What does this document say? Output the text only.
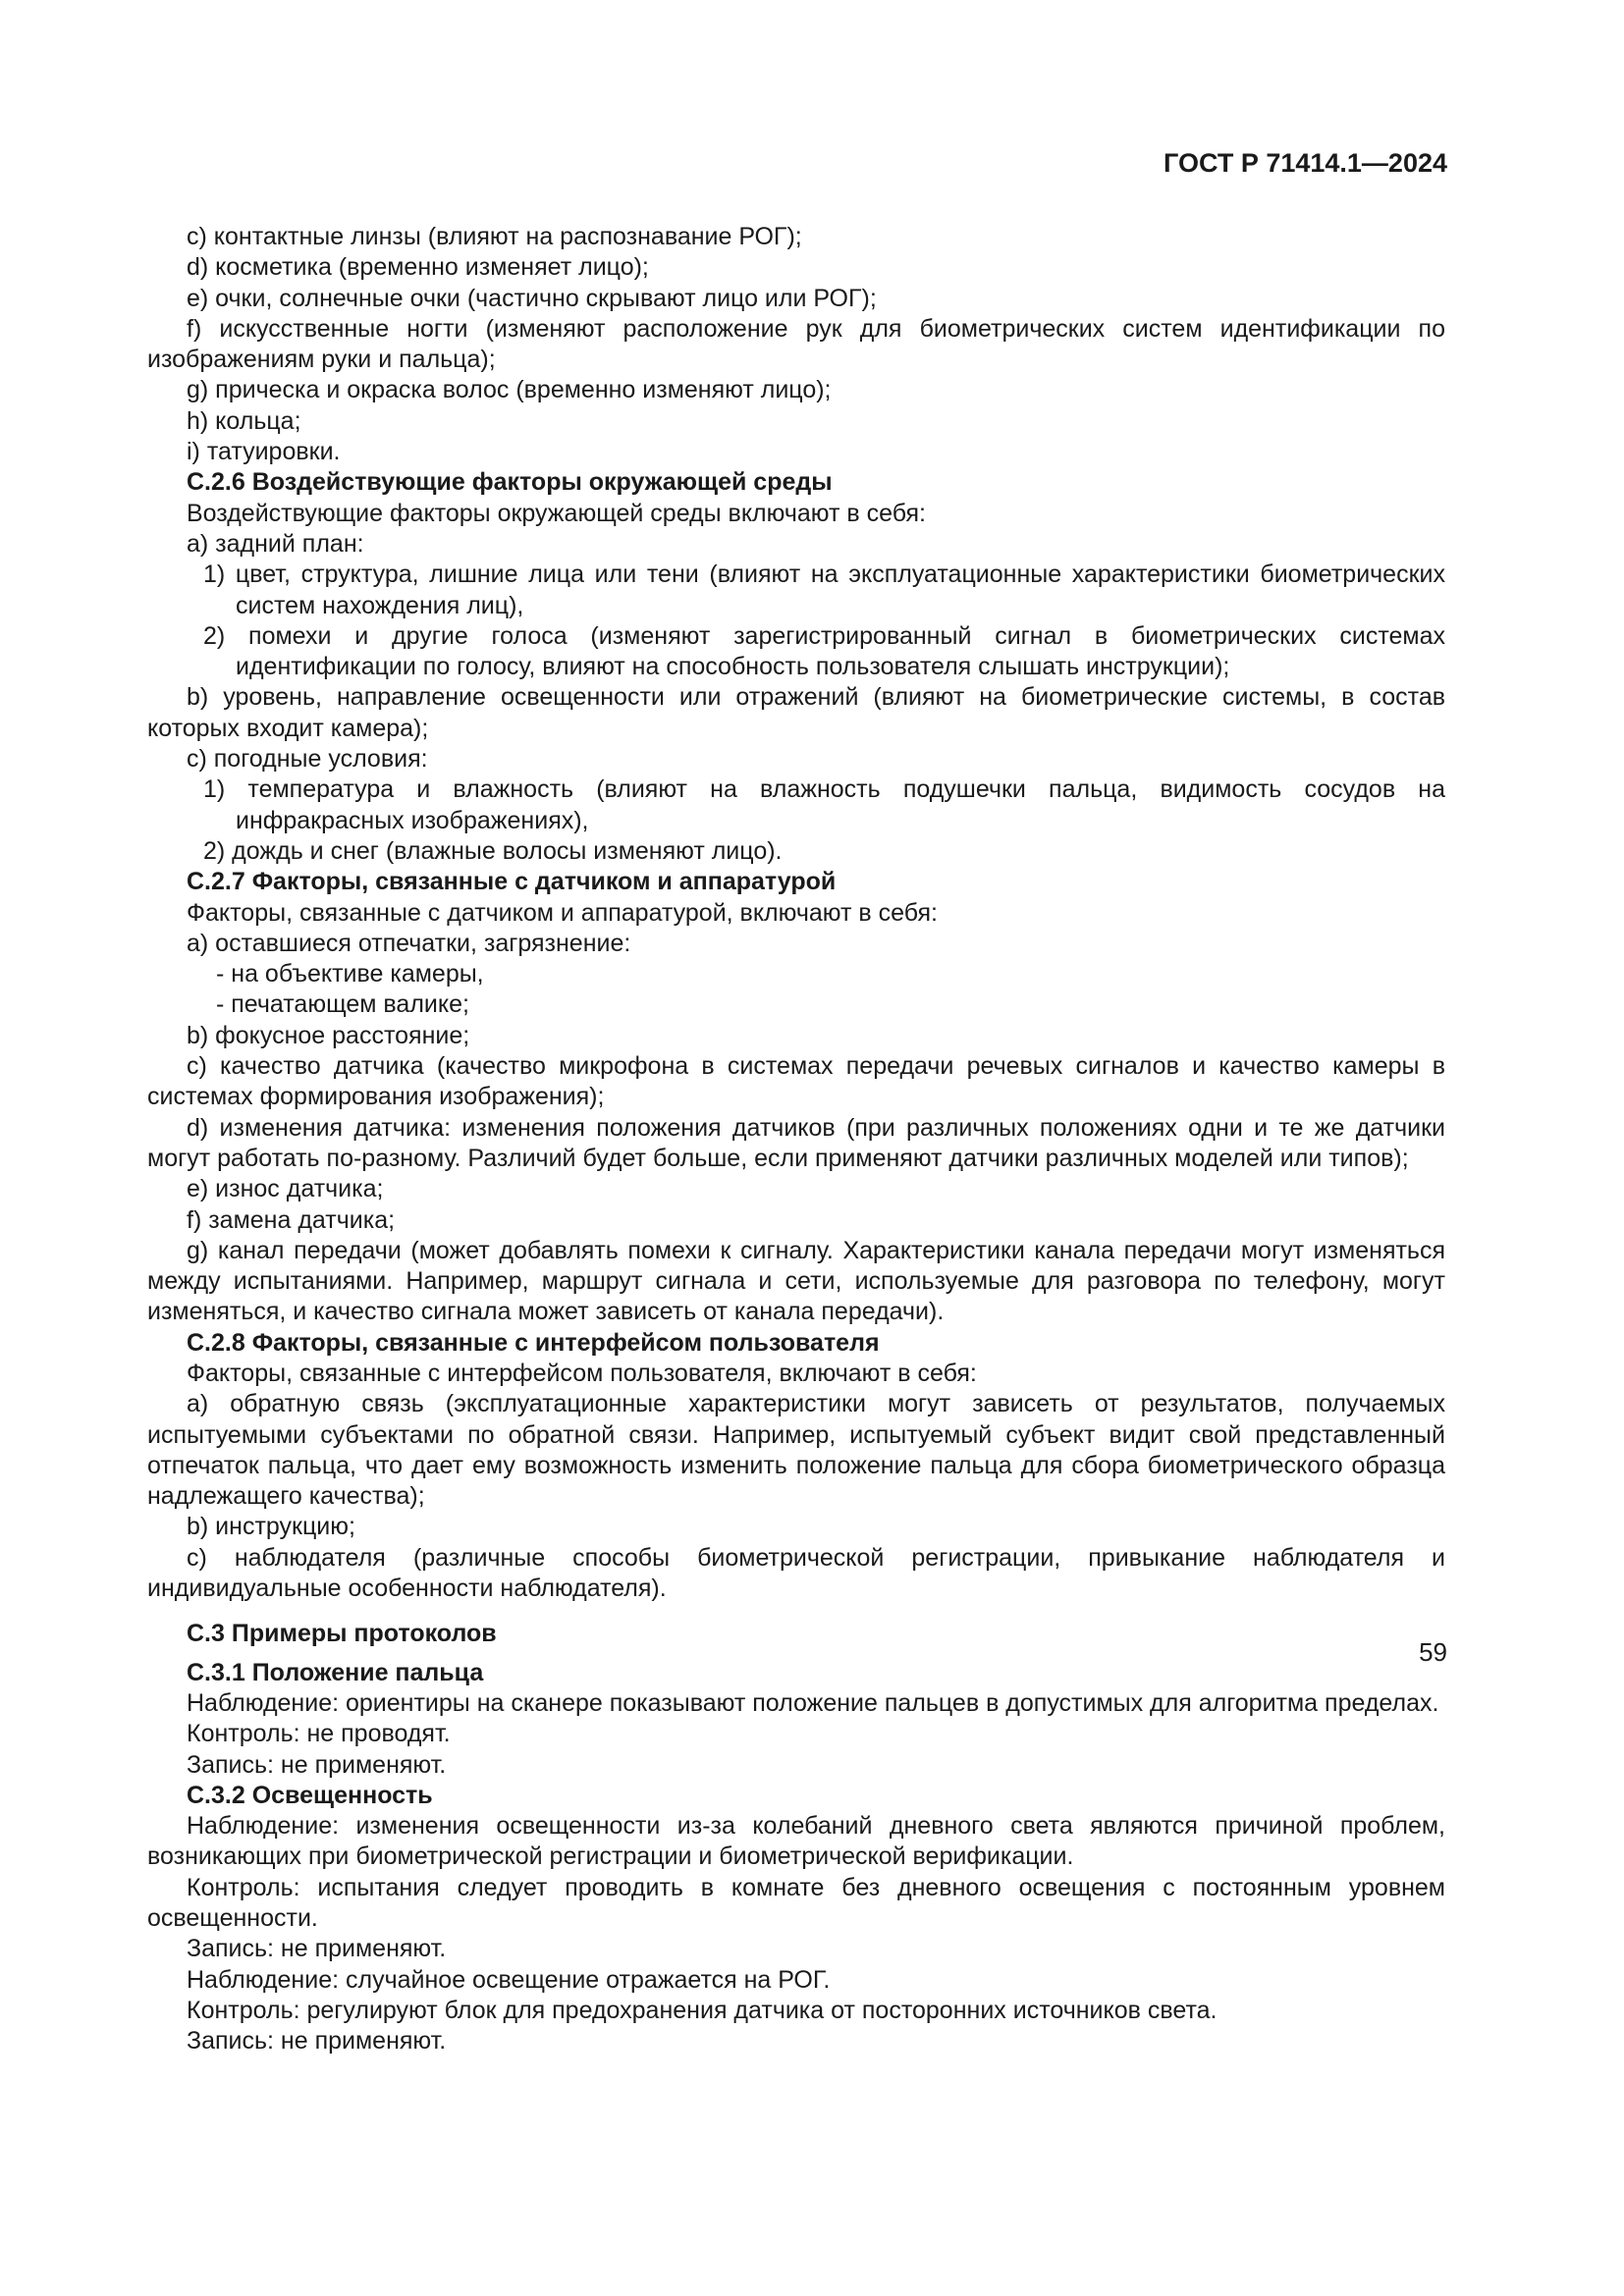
ГОСТ Р 71414.1—2024

c) контактные линзы (влияют на распознавание РОГ);

d) косметика (временно изменяет лицо);

e) очки, солнечные очки (частично скрывают лицо или РОГ);

f) искусственные ногти (изменяют расположение рук для биометрических систем идентификации по изображениям руки и пальца);

g) прическа и окраска волос (временно изменяют лицо);

h) кольца;

i) татуировки.

С.2.6 Воздействующие факторы окружающей среды

Воздействующие факторы окружающей среды включают в себя:

a) задний план:

1) цвет, структура, лишние лица или тени (влияют на эксплуатационные характеристики биометрических систем нахождения лиц),

2) помехи и другие голоса (изменяют зарегистрированный сигнал в биометрических системах идентификации по голосу, влияют на способность пользователя слышать инструкции);

b) уровень, направление освещенности или отражений (влияют на биометрические системы, в состав которых входит камера);

c) погодные условия:

1) температура и влажность (влияют на влажность подушечки пальца, видимость сосудов на инфракрасных изображениях),

2) дождь и снег (влажные волосы изменяют лицо).

С.2.7 Факторы, связанные с датчиком и аппаратурой

Факторы, связанные с датчиком и аппаратурой, включают в себя:

a) оставшиеся отпечатки, загрязнение:

- на объективе камеры,

- печатающем валике;

b) фокусное расстояние;

c) качество датчика (качество микрофона в системах передачи речевых сигналов и качество камеры в системах формирования изображения);

d) изменения датчика: изменения положения датчиков (при различных положениях одни и те же датчики могут работать по-разному. Различий будет больше, если применяют датчики различных моделей или типов);

e) износ датчика;

f) замена датчика;

g) канал передачи (может добавлять помехи к сигналу. Характеристики канала передачи могут изменяться между испытаниями. Например, маршрут сигнала и сети, используемые для разговора по телефону, могут изменяться, и качество сигнала может зависеть от канала передачи).

С.2.8 Факторы, связанные с интерфейсом пользователя

Факторы, связанные с интерфейсом пользователя, включают в себя:

a) обратную связь (эксплуатационные характеристики могут зависеть от результатов, получаемых испытуемыми субъектами по обратной связи. Например, испытуемый субъект видит свой представленный отпечаток пальца, что дает ему возможность изменить положение пальца для сбора биометрического образца надлежащего качества);

b) инструкцию;

c) наблюдателя (различные способы биометрической регистрации, привыкание наблюдателя и индивидуальные особенности наблюдателя).

С.3 Примеры протоколов

С.3.1 Положение пальца

Наблюдение: ориентиры на сканере показывают положение пальцев в допустимых для алгоритма пределах.

Контроль: не проводят.

Запись: не применяют.

С.3.2 Освещенность

Наблюдение: изменения освещенности из-за колебаний дневного света являются причиной проблем, возникающих при биометрической регистрации и биометрической верификации.

Контроль: испытания следует проводить в комнате без дневного освещения с постоянным уровнем освещенности.

Запись: не применяют.

Наблюдение: случайное освещение отражается на РОГ.

Контроль: регулируют блок для предохранения датчика от посторонних источников света.

Запись: не применяют.

59
